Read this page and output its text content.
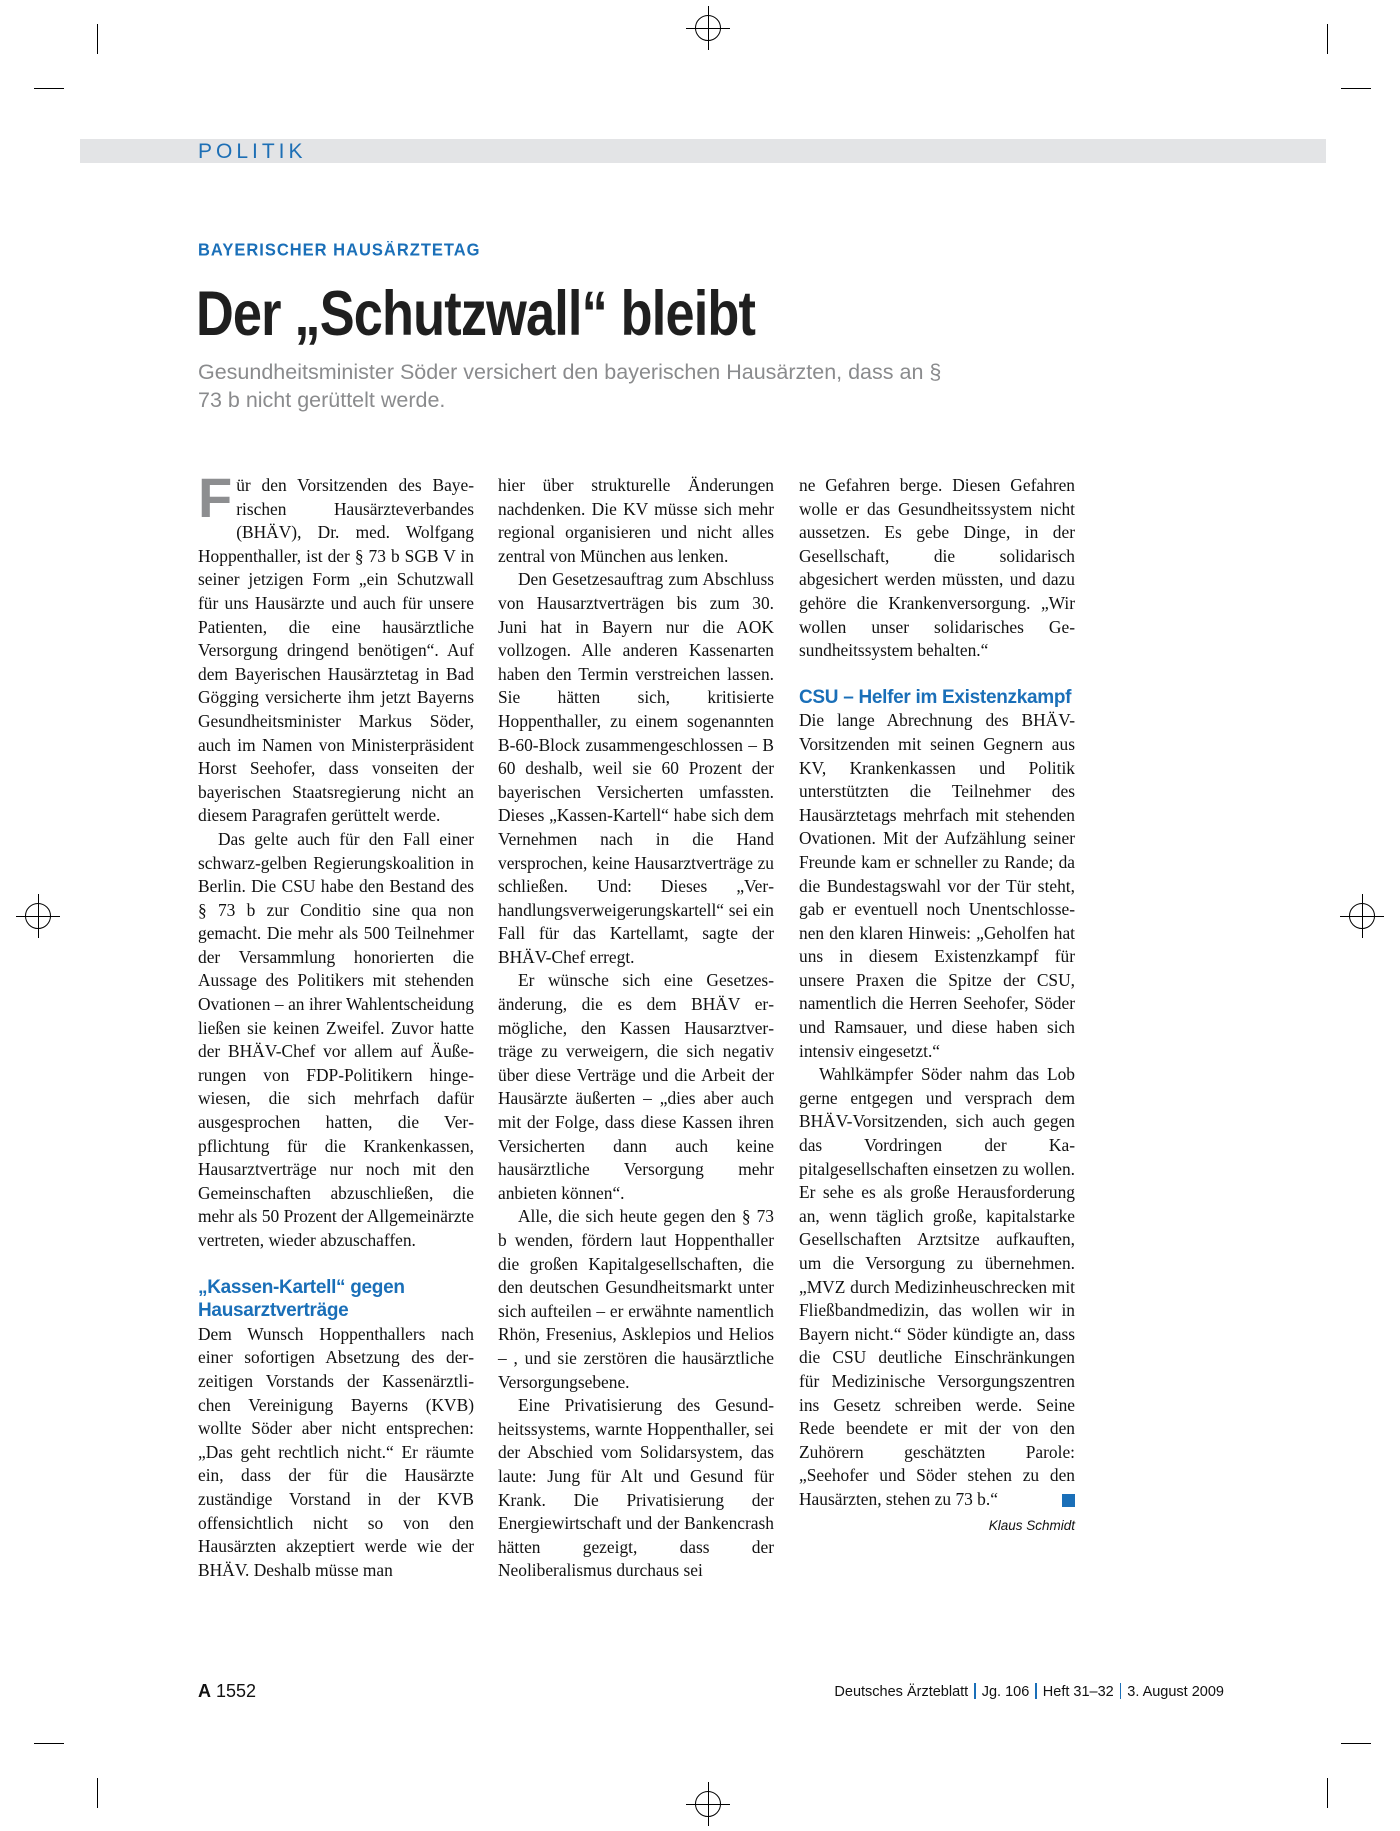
POLITIK
BAYERISCHER HAUSÄRZTETAG
Der „Schutzwall“ bleibt
Gesundheitsminister Söder versichert den bayerischen Hausärzten, dass an § 73 b nicht gerüttelt werde.

Für den Vorsitzenden des Bayerischen Hausärzteverbandes (BHÄV), Dr. med. Wolfgang Hoppenthaller, ist der § 73 b SGB V in seiner jetzigen Form „ein Schutzwall für uns Hausärzte und auch für unsere Patienten, die eine hausärztliche Versorgung dringend benötigen“. Auf dem Bayerischen Hausärztetag in Bad Gögging versicherte ihm jetzt Bayerns Gesundheitsminister Markus Söder, auch im Namen von Ministerpräsident Horst Seehofer, dass vonseiten der bayerischen Staatsregierung nicht an diesem Paragrafen gerüttelt werde.

Das gelte auch für den Fall einer schwarz-gelben Regierungskoalition in Berlin. Die CSU habe den Bestand des § 73 b zur Conditio sine qua non gemacht. Die mehr als 500 Teilnehmer der Versammlung honorierten die Aussage des Politikers mit stehenden Ovationen – an ihrer Wahlentscheidung ließen sie keinen Zweifel. Zuvor hatte der BHÄV-Chef vor allem auf Äußerungen von FDP-Politikern hingewiesen, die sich mehrfach dafür ausgesprochen hatten, die Verpflichtung für die Krankenkassen, Hausarztverträge nur noch mit den Gemeinschaften abzuschließen, die mehr als 50 Prozent der Allgemeinärzte vertreten, wieder abzuschaffen.

„Kassen-Kartell“ gegen Hausarztverträge

Dem Wunsch Hoppenthallers nach einer sofortigen Absetzung des derzeitigen Vorstands der Kassenärztlichen Vereinigung Bayerns (KVB) wollte Söder aber nicht entsprechen: „Das geht rechtlich nicht.“ Er räumte ein, dass der für die Hausärzte zuständige Vorstand in der KVB offensichtlich nicht so von den Hausärzten akzeptiert werde wie der BHÄV. Deshalb müsse man

hier über strukturelle Änderungen nachdenken. Die KV müsse sich mehr regional organisieren und nicht alles zentral von München aus lenken.

Den Gesetzesauftrag zum Abschluss von Hausarztverträgen bis zum 30. Juni hat in Bayern nur die AOK vollzogen. Alle anderen Kassenarten haben den Termin verstreichen lassen. Sie hätten sich, kritisierte Hoppenthaller, zu einem sogenannten B-60-Block zusammengeschlossen – B 60 deshalb, weil sie 60 Prozent der bayerischen Versicherten umfassten. Dieses „Kassen-Kartell“ habe sich dem Vernehmen nach in die Hand versprochen, keine Hausarztverträge zu schließen. Und: Dieses „Verhandlungsverweigerungskartell“ sei ein Fall für das Kartellamt, sagte der BHÄV-Chef erregt.

Er wünsche sich eine Gesetzesänderung, die es dem BHÄV ermögliche, den Kassen Hausarztverträge zu verweigern, die sich negativ über diese Verträge und die Arbeit der Hausärzte äußerten – „dies aber auch mit der Folge, dass diese Kassen ihren Versicherten dann auch keine hausärztliche Versorgung mehr anbieten können“.

Alle, die sich heute gegen den § 73 b wenden, fördern laut Hoppenthaller die großen Kapitalgesellschaften, die den deutschen Gesundheitsmarkt unter sich aufteilen – er erwähnte namentlich Rhön, Fresenius, Asklepios und Helios – , und sie zerstören die hausärztliche Versorgungsebene.

Eine Privatisierung des Gesundheitssystems, warnte Hoppenthaller, sei der Abschied vom Solidarsystem, das laute: Jung für Alt und Gesund für Krank. Die Privatisierung der Energiewirtschaft und der Bankencrash hätten gezeigt, dass der Neoliberalismus durchaus sei

ne Gefahren berge. Diesen Gefahren wolle er das Gesundheitssystem nicht aussetzen. Es gebe Dinge, in der Gesellschaft, die solidarisch abgesichert werden müssten, und dazu gehöre die Krankenversorgung. „Wir wollen unser solidarisches Gesundheitssystem behalten.“

CSU – Helfer im Existenzkampf

Die lange Abrechnung des BHÄV-Vorsitzenden mit seinen Gegnern aus KV, Krankenkassen und Politik unterstützten die Teilnehmer des Hausärztetags mehrfach mit stehenden Ovationen. Mit der Aufzählung seiner Freunde kam er schneller zu Rande; da die Bundestagswahl vor der Tür steht, gab er eventuell noch Unentschlossenen den klaren Hinweis: „Geholfen hat uns in diesem Existenzkampf für unsere Praxen die Spitze der CSU, namentlich die Herren Seehofer, Söder und Ramsauer, und diese haben sich intensiv eingesetzt.“

Wahlkämpfer Söder nahm das Lob gerne entgegen und versprach dem BHÄV-Vorsitzenden, sich auch gegen das Vordringen der Kapitalgesellschaften einsetzen zu wollen. Er sehe es als große Herausforderung an, wenn täglich große, kapitalstarke Gesellschaften Arztsitze aufkauften, um die Versorgung zu übernehmen. „MVZ durch Medizinheuschrecken mit Fließbandmedizin, das wollen wir in Bayern nicht.“ Söder kündigte an, dass die CSU deutliche Einschränkungen für Medizinische Versorgungszentren ins Gesetz schreiben werde. Seine Rede beendete er mit der von den Zuhörern geschätzten Parole: „Seehofer und Söder stehen zu den Hausärzten, stehen zu 73 b.“

Klaus Schmidt
A 1552	Deutsches Ärzteblatt Jg. 106 Heft 31–32 3. August 2009
